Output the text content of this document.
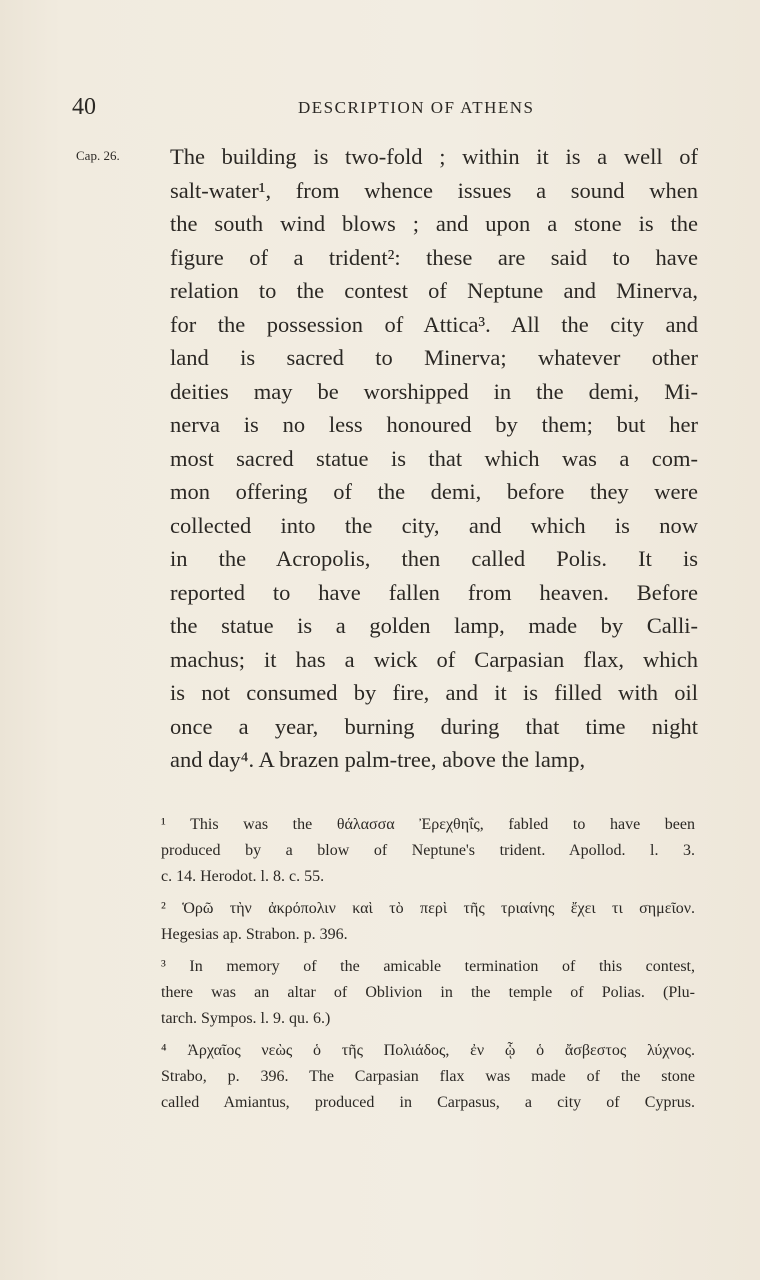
40	DESCRIPTION OF ATHENS
Cap. 26. The building is two-fold ; within it is a well of
salt-water¹, from whence issues a sound when
the south wind blows ; and upon a stone is the
figure of a trident²: these are said to have
relation to the contest of Neptune and Minerva,
for the possession of Attica³. All the city and
land is sacred to Minerva; whatever other
deities may be worshipped in the demi, Mi-
nerva is no less honoured by them; but her
most sacred statue is that which was a com-
mon offering of the demi, before they were
collected into the city, and which is now
in the Acropolis, then called Polis. It is
reported to have fallen from heaven. Before
the statue is a golden lamp, made by Calli-
machus; it has a wick of Carpasian flax, which
is not consumed by fire, and it is filled with oil
once a year, burning during that time night
and day⁴. A brazen palm-tree, above the lamp,
¹ This was the θάλασσα Ἐρεχθηΐς, fabled to have been
produced by a blow of Neptune's trident. Apollod. l. 3.
c. 14. Herodot. l. 8. c. 55.
² Ὁρῶ τὴν ἀκρόπολιν καὶ τὸ περὶ τῆς τριαίνης ἔχει τι σημεῖον.
Hegesias ap. Strabon. p. 396.
³ In memory of the amicable termination of this contest,
there was an altar of Oblivion in the temple of Polias. (Plu-
tarch. Sympos. l. 9. qu. 6.)
⁴ Ἀρχαῖος νεὼς ὁ τῆς Πολιάδος, ἐν ᾧ ὁ ἄσβεστος λύχνος.
Strabo, p. 396. The Carpasian flax was made of the stone
called Amiantus, produced in Carpasus, a city of Cyprus.
